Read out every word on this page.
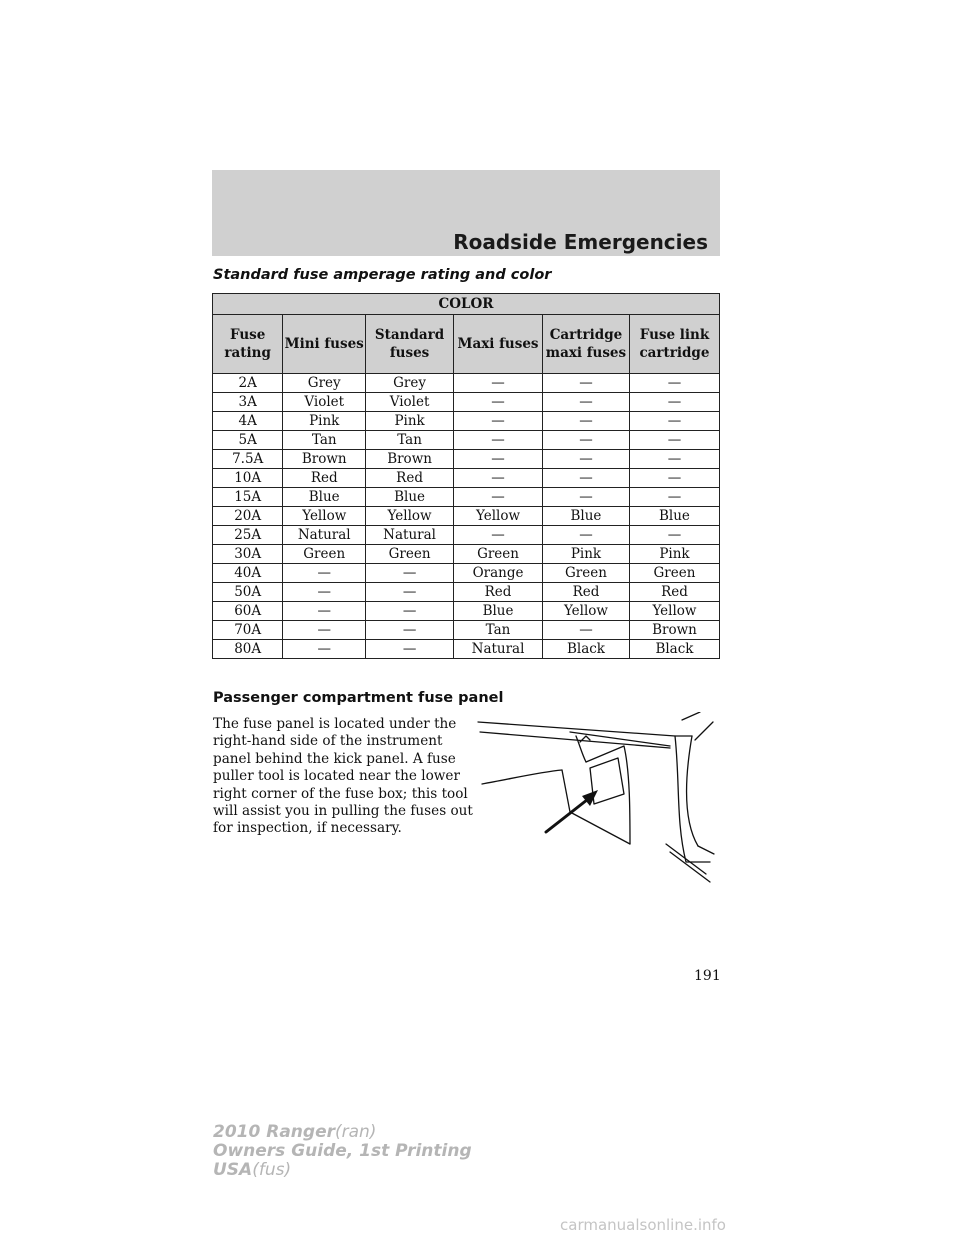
Roadside Emergencies
Standard fuse amperage rating and color
COLOR					
Fuse rating	Mini fuses	Standard fuses	Maxi fuses	Cartridge maxi fuses	Fuse link cartridge
2A	Grey	Grey	—	—	—
3A	Violet	Violet	—	—	—
4A	Pink	Pink	—	—	—
5A	Tan	Tan	—	—	—
7.5A	Brown	Brown	—	—	—
10A	Red	Red	—	—	—
15A	Blue	Blue	—	—	—
20A	Yellow	Yellow	Yellow	Blue	Blue
25A	Natural	Natural	—	—	—
30A	Green	Green	Green	Pink	Pink
40A	—	—	Orange	Green	Green
50A	—	—	Red	Red	Red
60A	—	—	Blue	Yellow	Yellow
70A	—	—	Tan	—	Brown
80A	—	—	Natural	Black	Black
Passenger compartment fuse panel
The fuse panel is located under the right-hand side of the instrument panel behind the kick panel. A fuse puller tool is located near the lower right corner of the fuse box; this tool will assist you in pulling the fuses out for inspection, if necessary.
191
2010 Ranger(ran)
Owners Guide, 1st Printing
USA(fus)
carmanualsonline.info
